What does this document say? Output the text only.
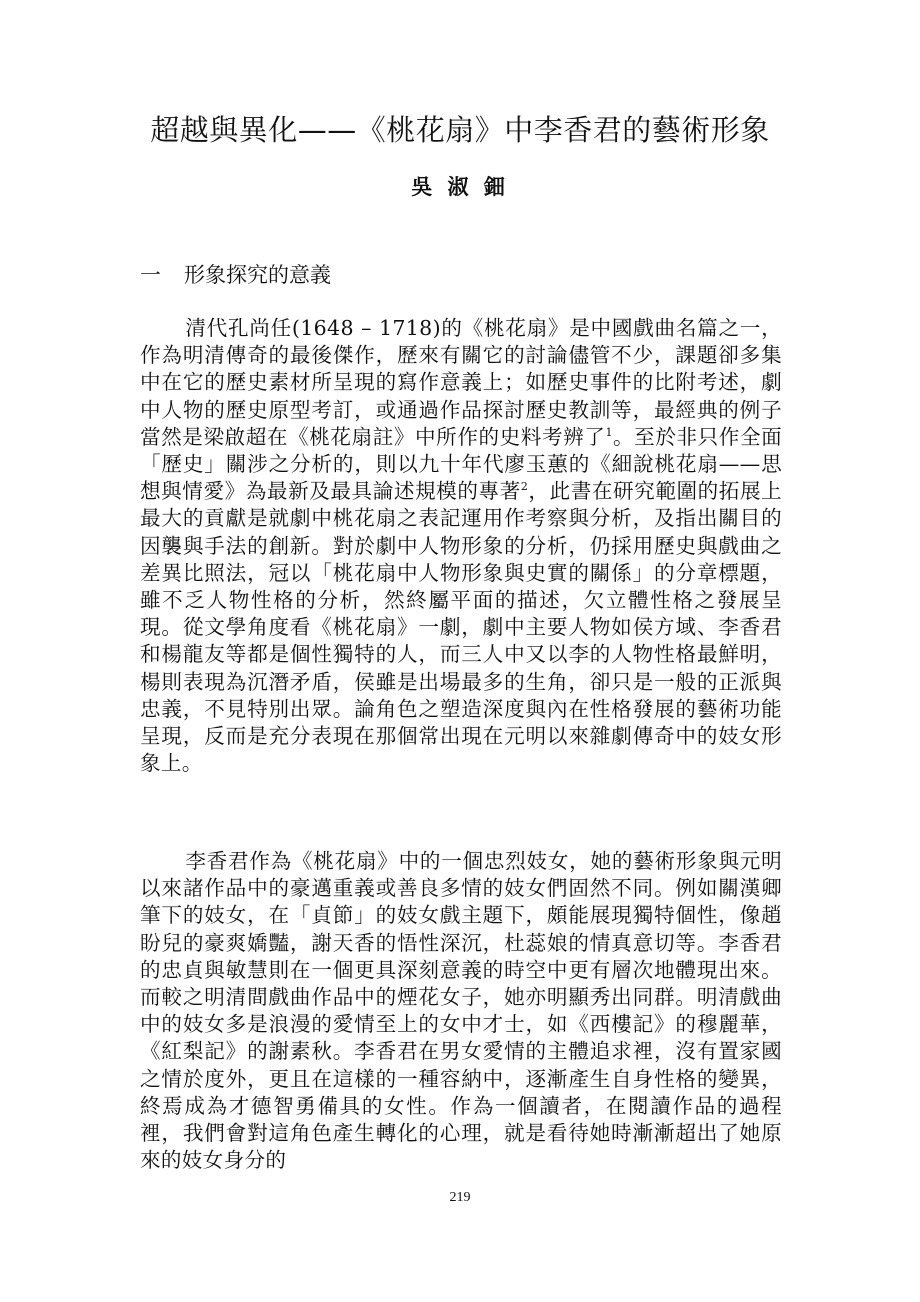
超越與異化——《桃花扇》中李香君的藝術形象
吳 淑 鈿
一 形象探究的意義

清代孔尚任(1648 – 1718)的《桃花扇》是中國戲曲名篇之一，作為明清傳奇的最後傑作，歷來有關它的討論儘管不少，課題卻多集中在它的歷史素材所呈現的寫作意義上；如歷史事件的比附考述，劇中人物的歷史原型考訂，或通過作品探討歷史教訓等，最經典的例子當然是梁啟超在《桃花扇註》中所作的史料考辨了$^1$。至於非只作全面「歷史」關涉之分析的，則以九十年代廖玉蕙的《細說桃花扇——思想與情愛》為最新及最具論述規模的專著$^2$，此書在研究範圍的拓展上最大的貢獻是就劇中桃花扇之表記運用作考察與分析，及指出關目的因襲與手法的創新。對於劇中人物形象的分析，仍採用歷史與戲曲之差異比照法，冠以「桃花扇中人物形象與史實的關係」的分章標題，雖不乏人物性格的分析，然終屬平面的描述，欠立體性格之發展呈現。從文學角度看《桃花扇》一劇，劇中主要人物如侯方域、李香君和楊龍友等都是個性獨特的人，而三人中又以李的人物性格最鮮明，楊則表現為沉潛矛盾，侯雖是出場最多的生角，卻只是一般的正派與忠義，不見特別出眾。論角色之塑造深度與內在性格發展的藝術功能呈現，反而是充分表現在那個常出現在元明以來雜劇傳奇中的妓女形象上。

李香君作為《桃花扇》中的一個忠烈妓女，她的藝術形象與元明以來諸作品中的豪邁重義或善良多情的妓女們固然不同。例如關漢卿筆下的妓女，在「貞節」的妓女戲主題下，頗能展現獨特個性，像趙盼兒的豪爽嬌豔，謝天香的悟性深沉，杜蕊娘的情真意切等。李香君的忠貞與敏慧則在一個更具深刻意義的時空中更有層次地體現出來。而較之明清間戲曲作品中的煙花女子，她亦明顯秀出同群。明清戲曲中的妓女多是浪漫的愛情至上的女中才士，如《西樓記》的穆麗華，《紅梨記》的謝素秋。李香君在男女愛情的主體追求裡，沒有置家國之情於度外，更且在這樣的一種容納中，逐漸產生自身性格的變異，終焉成為才德智勇備具的女性。作為一個讀者，在閱讀作品的過程裡，我們會對這角色產生轉化的心理，就是看待她時漸漸超出了她原來的妓女身分的

219
